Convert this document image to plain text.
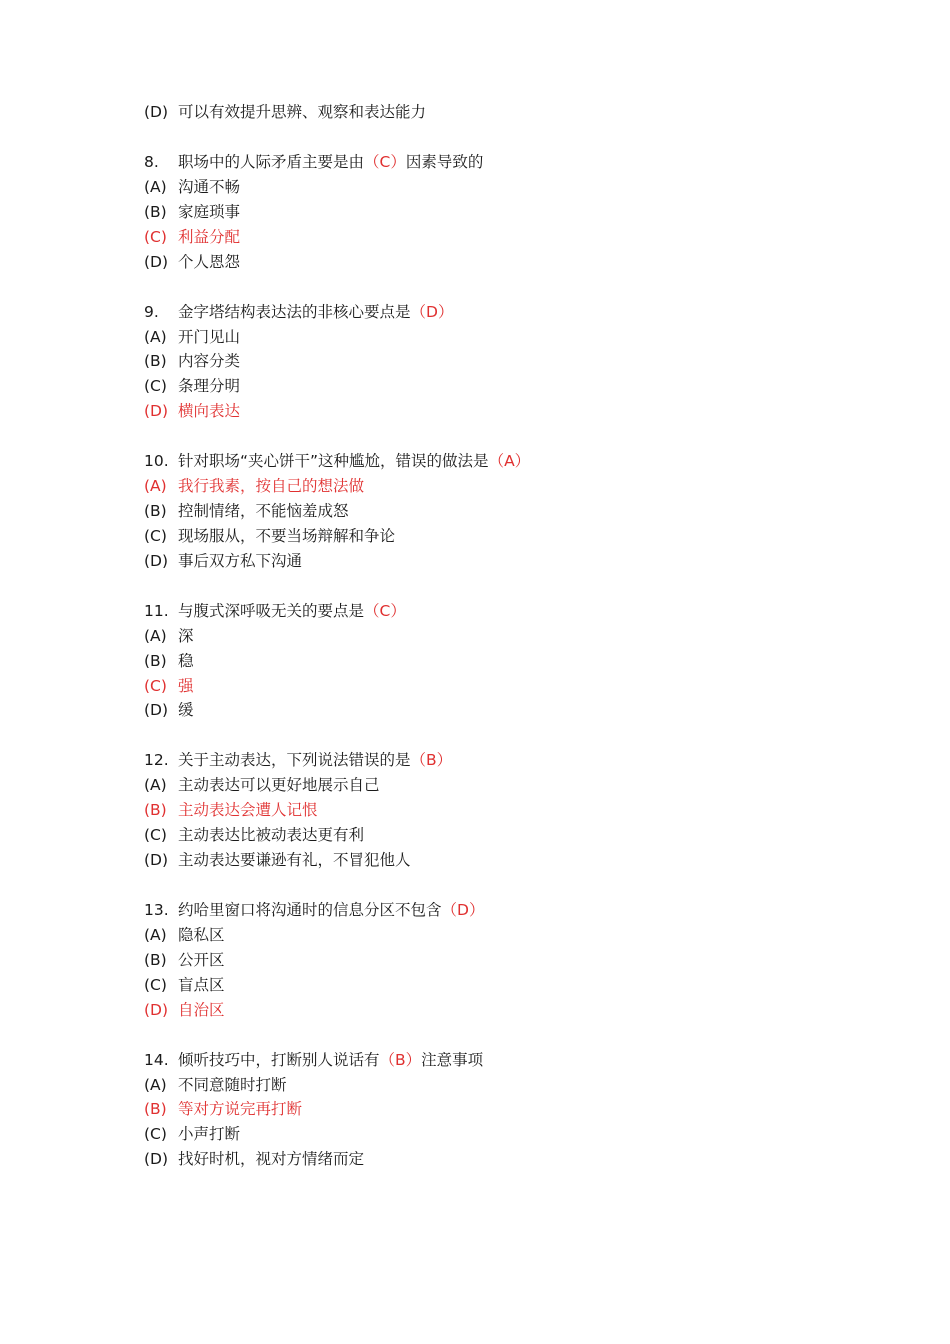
(D) 可以有效提升思辨、观察和表达能力
8. 职场中的人际矛盾主要是由（C）因素导致的
(A) 沟通不畅
(B) 家庭琐事
(C) 利益分配
(D) 个人恩怨
9. 金字塔结构表达法的非核心要点是（D）
(A) 开门见山
(B) 内容分类
(C) 条理分明
(D) 横向表达
10. 针对职场“夹心饼干”这种尴尬，错误的做法是（A）
(A) 我行我素，按自己的想法做
(B) 控制情绪，不能恼羞成怒
(C) 现场服从，不要当场辩解和争论
(D) 事后双方私下沟通
11. 与腹式深呼吸无关的要点是（C）
(A) 深
(B) 稳
(C) 强
(D) 缓
12. 关于主动表达，下列说法错误的是（B）
(A) 主动表达可以更好地展示自己
(B) 主动表达会遭人记恨
(C) 主动表达比被动表达更有利
(D) 主动表达要谦逊有礼，不冒犯他人
13. 约哈里窗口将沟通时的信息分区不包含（D）
(A) 隐私区
(B) 公开区
(C) 盲点区
(D) 自治区
14. 倾听技巧中，打断别人说话有（B）注意事项
(A) 不同意随时打断
(B) 等对方说完再打断
(C) 小声打断
(D) 找好时机，视对方情绪而定
